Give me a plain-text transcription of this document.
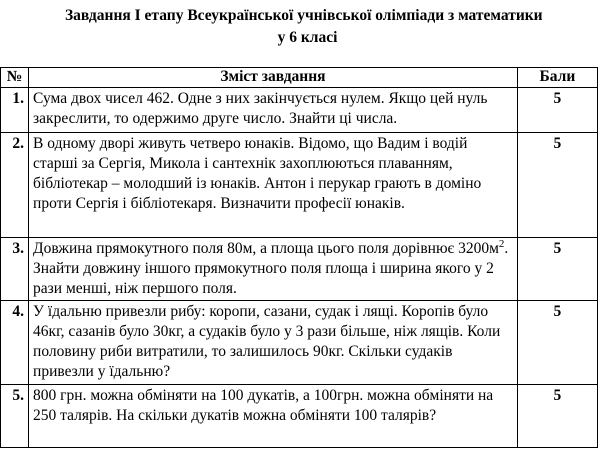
Завдання І етапу Всеукраїнської учнівської олімпіади з математики
у 6 класі
№	Зміст завдання	Бали
1.	Сума двох чисел 462. Одне з них закінчується нулем. Якщо цей нуль закреслити, то одержимо друге число. Знайти ці числа.	5
2.	В одному дворі живуть четверо юнаків. Відомо, що Вадим і водій старші за Сергія, Микола і сантехнік захоплюються плаванням, бібліотекар – молодший із юнаків. Антон і перукар грають в доміно проти Сергія і бібліотекаря. Визначити професії юнаків.	5
3.	Довжина прямокутного поля 80м, а площа цього поля дорівнює $3200м^2$. Знайти довжину іншого прямокутного поля площа і ширина якого у 2 рази менші, ніж першого поля.	5
4.	У їдальню привезли рибу: коропи, сазани, судак і лящі. Коропів було 46кг, сазанів було 30кг, а судаків було у 3 рази більше, ніж лящів. Коли половину риби витратили, то залишилось 90кг. Скільки судаків привезли у їдальню?	5
5.	800 грн. можна обміняти на 100 дукатів, а 100грн. можна обміняти на 250 талярів. На скільки дукатів можна обміняти 100 талярів?	5
